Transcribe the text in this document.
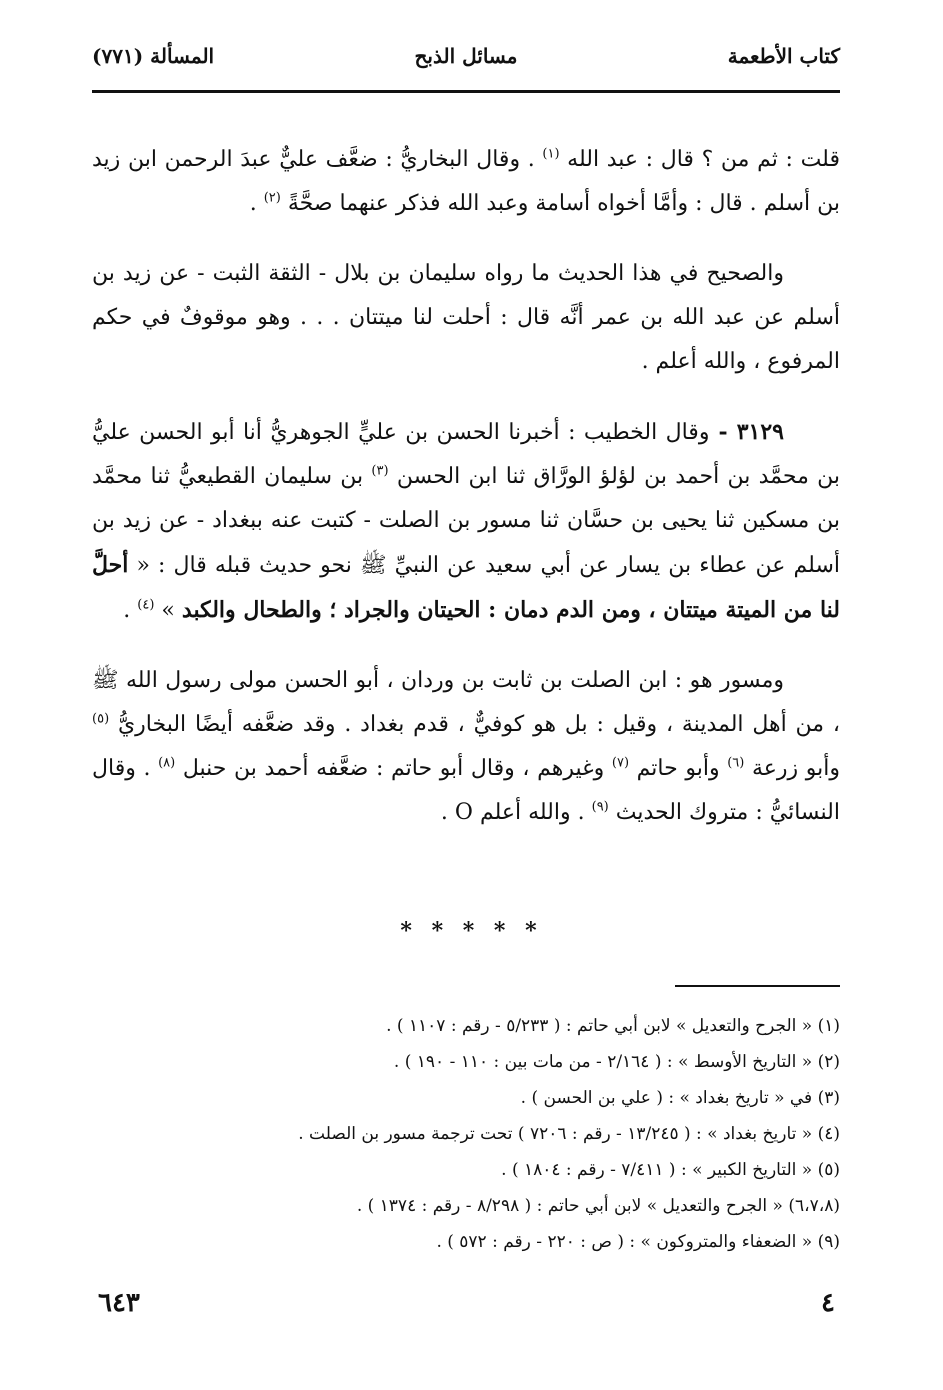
كتاب الأطعمة
مسائل الذبح
المسألة (٧٧١)

قلت : ثم من ؟ قال : عبد الله $^{(١)}$ . وقال البخاريُّ : ضعَّف عليٌّ عبدَ الرحمن ابن زيد بن أسلم . قال : وأمَّا أخواه أسامة وعبد الله فذكر عنهما صحَّةً $^{(٢)}$ .

والصحيح في هذا الحديث ما رواه سليمان بن بلال - الثقة الثبت - عن زيد بن أسلم عن عبد الله بن عمر أنَّه قال : أحلت لنا ميتتان . . . وهو موقوفٌ في حكم المرفوع ، والله أعلم .

٣١٢٩ - وقال الخطيب : أخبرنا الحسن بن عليٍّ الجوهريُّ أنا أبو الحسن عليُّ بن محمَّد بن أحمد بن لؤلؤ الورَّاق ثنا ابن الحسن $^{(٣)}$ بن سليمان القطيعيُّ ثنا محمَّد بن مسكين ثنا يحيى بن حسَّان ثنا مسور بن الصلت - كتبت عنه ببغداد - عن زيد بن أسلم عن عطاء بن يسار عن أبي سعيد عن النبيِّ ﷺ نحو حديث قبله قال : « أحلَّ لنا من الميتة ميتتان ، ومن الدم دمان : الحيتان والجراد ؛ والطحال والكبد » $^{(٤)}$ .

ومسور هو : ابن الصلت بن ثابت بن وردان ، أبو الحسن مولى رسول الله ﷺ ، من أهل المدينة ، وقيل : بل هو كوفيٌّ ، قدم بغداد . وقد ضعَّفه أيضًا البخاريُّ $^{(٥)}$ وأبو زرعة $^{(٦)}$ وأبو حاتم $^{(٧)}$ وغيرهم ، وقال أبو حاتم : ضعَّفه أحمد بن حنبل $^{(٨)}$ . وقال النسائيُّ : متروك الحديث $^{(٩)}$ . والله أعلم O .

* * * * *
(١) « الجرح والتعديل » لابن أبي حاتم : ( ٥/٢٣٣ - رقم : ١١٠٧ ) .
(٢) « التاريخ الأوسط » : ( ٢/١٦٤ - من مات بين : ١١٠ - ١٩٠ ) .
(٣) في « تاريخ بغداد » : ( علي بن الحسن ) .
(٤) « تاريخ بغداد » : ( ١٣/٢٤٥ - رقم : ٧٢٠٦ ) تحت ترجمة مسور بن الصلت .
(٥) « التاريخ الكبير » : ( ٧/٤١١ - رقم : ١٨٠٤ ) .
(٦،٧،٨) « الجرح والتعديل » لابن أبي حاتم : ( ٨/٢٩٨ - رقم : ١٣٧٤ ) .
(٩) « الضعفاء والمتروكون » : ( ص : ٢٢٠ - رقم : ٥٧٢ ) .
٤
٦٤٣
